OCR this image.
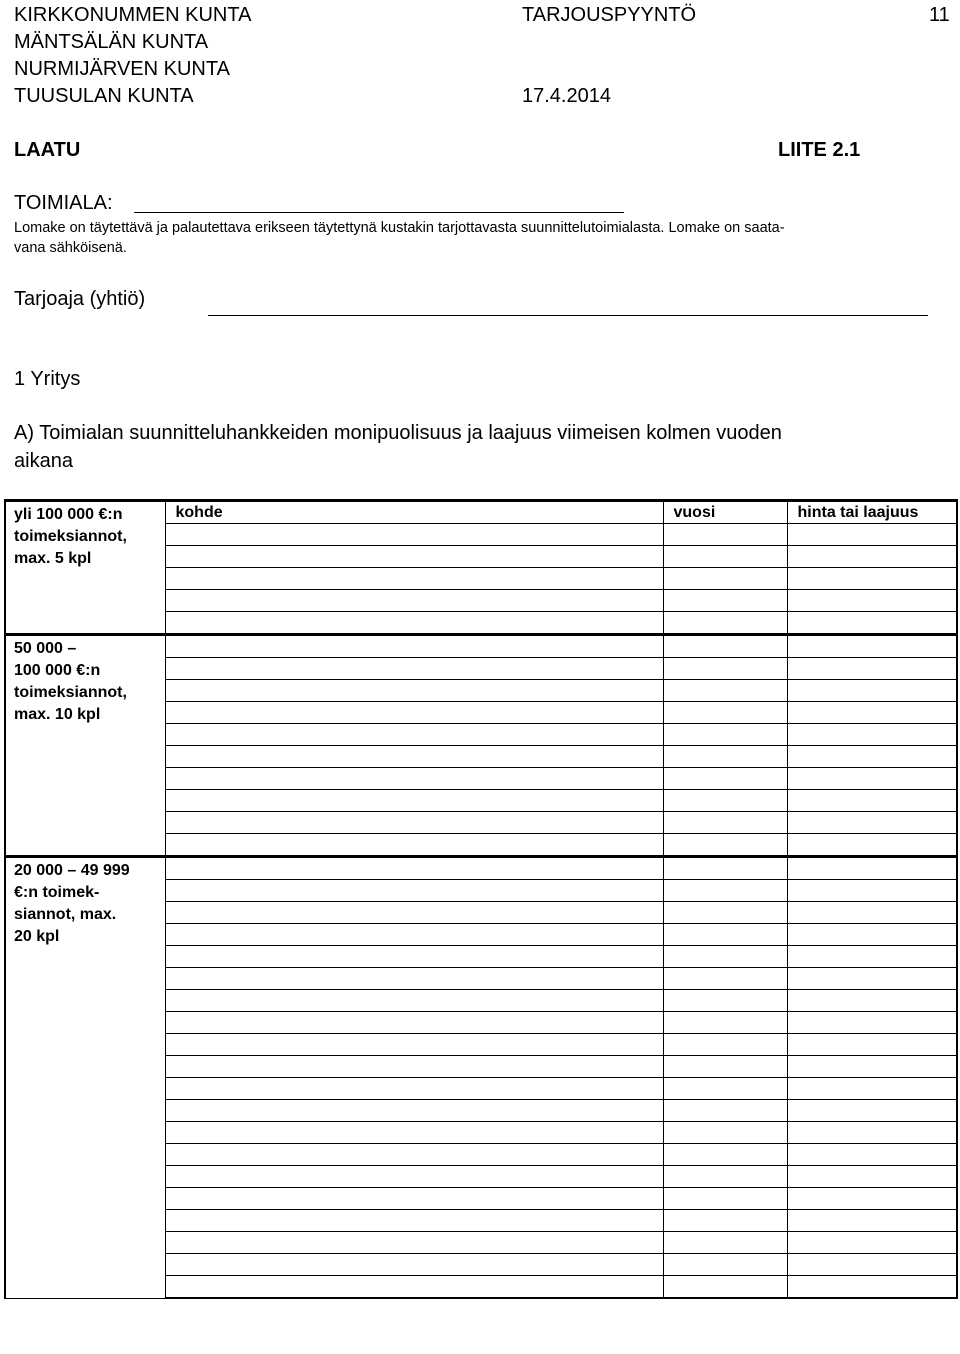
KIRKKONUMMEN KUNTA
MÄNTSÄLÄN KUNTA
NURMIJÄRVEN KUNTA
TUUSULAN KUNTA
TARJOUSPYYNTÖ	11
17.4.2014
LAATU	LIITE 2.1
TOIMIALA:
Lomake on täytettävä ja palautettava erikseen täytettynä kustakin tarjottavasta suunnittelutoimialasta. Lomake on saata-
vana sähköisenä.
Tarjoaja (yhtiö)
1 Yritys
A) Toimialan suunnitteluhankkeiden monipuolisuus ja laajuus viimeisen kolmen vuoden
aikana
yli 100 000 €:n
toimeksiannot,
max. 5 kpl	kohde	vuosi	hinta tai laajuus

50 000 –
100 000 €:n
toimeksiannot,
max. 10 kpl			

20 000 – 49 999
€:n toimek-
siannot, max.
20 kpl			
